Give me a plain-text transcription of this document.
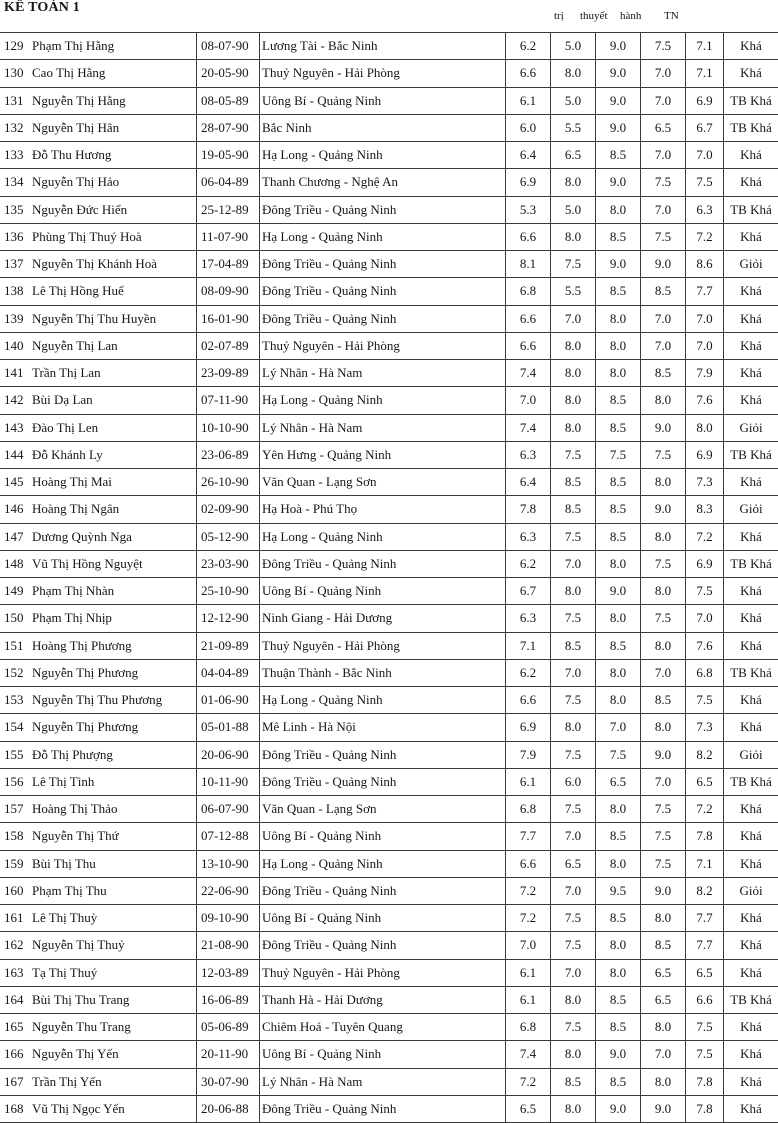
KẾ TOÁN 1
trị thuyết hành TN
129	Phạm Thị Hằng	08-07-90	Lương Tài - Bắc Ninh	6.2	5.0	9.0	7.5	7.1	Khá
130	Cao Thị Hằng	20-05-90	Thuỷ Nguyên - Hải Phòng	6.6	8.0	9.0	7.0	7.1	Khá
131	Nguyễn Thị Hằng	08-05-89	Uông Bí - Quảng Ninh	6.1	5.0	9.0	7.0	6.9	TB Khá
132	Nguyễn Thị Hân	28-07-90	Bắc Ninh	6.0	5.5	9.0	6.5	6.7	TB Khá
133	Đỗ Thu Hương	19-05-90	Hạ Long - Quảng Ninh	6.4	6.5	8.5	7.0	7.0	Khá
134	Nguyễn Thị Hảo	06-04-89	Thanh Chương - Nghệ An	6.9	8.0	9.0	7.5	7.5	Khá
135	Nguyễn Đức Hiển	25-12-89	Đông Triều - Quảng Ninh	5.3	5.0	8.0	7.0	6.3	TB Khá
136	Phùng Thị Thuý Hoà	11-07-90	Hạ Long - Quảng Ninh	6.6	8.0	8.5	7.5	7.2	Khá
137	Nguyễn Thị Khánh Hoà	17-04-89	Đông Triều - Quảng Ninh	8.1	7.5	9.0	9.0	8.6	Giỏi
138	Lê Thị Hồng Huế	08-09-90	Đông Triều - Quảng Ninh	6.8	5.5	8.5	8.5	7.7	Khá
139	Nguyễn Thị Thu Huyền	16-01-90	Đông Triều - Quảng Ninh	6.6	7.0	8.0	7.0	7.0	Khá
140	Nguyễn Thị Lan	02-07-89	Thuỷ Nguyên - Hải Phòng	6.6	8.0	8.0	7.0	7.0	Khá
141	Trần Thị Lan	23-09-89	Lý Nhân - Hà Nam	7.4	8.0	8.0	8.5	7.9	Khá
142	Bùi Dạ Lan	07-11-90	Hạ Long - Quảng Ninh	7.0	8.0	8.5	8.0	7.6	Khá
143	Đào Thị Len	10-10-90	Lý Nhân - Hà Nam	7.4	8.0	8.5	9.0	8.0	Giỏi
144	Đỗ Khánh Ly	23-06-89	Yên Hưng - Quảng Ninh	6.3	7.5	7.5	7.5	6.9	TB Khá
145	Hoàng Thị Mai	26-10-90	Văn Quan - Lạng Sơn	6.4	8.5	8.5	8.0	7.3	Khá
146	Hoàng Thị Ngân	02-09-90	Hạ Hoà - Phú Thọ	7.8	8.5	8.5	9.0	8.3	Giỏi
147	Dương Quỳnh Nga	05-12-90	Hạ Long - Quảng Ninh	6.3	7.5	8.5	8.0	7.2	Khá
148	Vũ Thị Hồng Nguyệt	23-03-90	Đông Triều - Quảng Ninh	6.2	7.0	8.0	7.5	6.9	TB Khá
149	Phạm Thị Nhàn	25-10-90	Uông Bí - Quảng Ninh	6.7	8.0	9.0	8.0	7.5	Khá
150	Phạm Thị Nhịp	12-12-90	Ninh Giang - Hải Dương	6.3	7.5	8.0	7.5	7.0	Khá
151	Hoàng Thị Phương	21-09-89	Thuỷ Nguyên - Hải Phòng	7.1	8.5	8.5	8.0	7.6	Khá
152	Nguyễn Thị Phương	04-04-89	Thuận Thành - Bắc Ninh	6.2	7.0	8.0	7.0	6.8	TB Khá
153	Nguyễn Thị Thu Phương	01-06-90	Hạ Long - Quảng Ninh	6.6	7.5	8.0	8.5	7.5	Khá
154	Nguyễn Thị Phương	05-01-88	Mê Linh - Hà Nội	6.9	8.0	7.0	8.0	7.3	Khá
155	Đỗ Thị Phượng	20-06-90	Đông Triều - Quảng Ninh	7.9	7.5	7.5	9.0	8.2	Giỏi
156	Lê Thị Tình	10-11-90	Đông Triều - Quảng Ninh	6.1	6.0	6.5	7.0	6.5	TB Khá
157	Hoàng Thị Thảo	06-07-90	Văn Quan - Lạng Sơn	6.8	7.5	8.0	7.5	7.2	Khá
158	Nguyễn Thị Thứ	07-12-88	Uông Bí - Quảng Ninh	7.7	7.0	8.5	7.5	7.8	Khá
159	Bùi Thị Thu	13-10-90	Hạ Long - Quảng Ninh	6.6	6.5	8.0	7.5	7.1	Khá
160	Phạm Thị Thu	22-06-90	Đông Triều - Quảng Ninh	7.2	7.0	9.5	9.0	8.2	Giỏi
161	Lê Thị Thuỳ	09-10-90	Uông Bí - Quảng Ninh	7.2	7.5	8.5	8.0	7.7	Khá
162	Nguyễn Thị Thuỷ	21-08-90	Đông Triều - Quảng Ninh	7.0	7.5	8.0	8.5	7.7	Khá
163	Tạ Thị Thuý	12-03-89	Thuỷ Nguyên - Hải Phòng	6.1	7.0	8.0	6.5	6.5	Khá
164	Bùi Thị Thu Trang	16-06-89	Thanh Hà - Hải Dương	6.1	8.0	8.5	6.5	6.6	TB Khá
165	Nguyễn Thu Trang	05-06-89	Chiêm Hoá - Tuyên Quang	6.8	7.5	8.5	8.0	7.5	Khá
166	Nguyễn Thị Yến	20-11-90	Uông Bí - Quảng Ninh	7.4	8.0	9.0	7.0	7.5	Khá
167	Trần Thị Yến	30-07-90	Lý Nhân - Hà Nam	7.2	8.5	8.5	8.0	7.8	Khá
168	Vũ Thị Ngọc Yến	20-06-88	Đông Triều - Quảng Ninh	6.5	8.0	9.0	9.0	7.8	Khá
